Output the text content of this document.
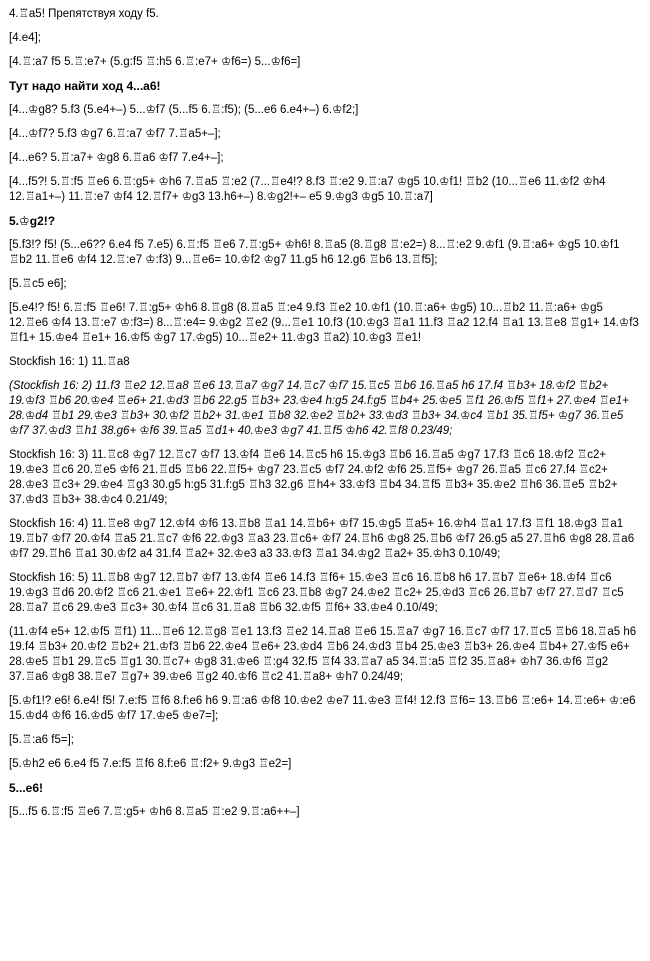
4.♖a5! Препятствуя ходу f5.

[4.e4];

[4.♖:a7 f5 5.♖:e7+ (5.g:f5 ♖:h5 6.♖:e7+ ♔f6=) 5...♔f6=]

Тут надо найти ход 4...a6!

[4...♔g8? 5.f3 (5.e4+–) 5...♔f7 (5...f5 6.♖:f5); (5...e6 6.e4+–) 6.♔f2;]

[4...♔f7? 5.f3 ♔g7 6.♖:a7 ♔f7 7.♖a5+–];

[4...e6? 5.♖:a7+ ♔g8 6.♖a6 ♔f7 7.e4+–];

[4...f5?! 5.♖:f5 ♖e6 6.♖:g5+ ♔h6 7.♖a5 ♖:e2 (7...♖e4!? 8.f3 ♖:e2 9.♖:a7 ♔g5 10.♔f1! ♖b2 (10...♖e6 11.♔f2 ♔h4 12.♖a1+–) 11.♖:e7 ♔f4 12.♖f7+ ♔g3 13.h6+–) 8.♔g2!+– e5 9.♔g3 ♔g5 10.♖:a7]

5.♔g2!?

[5.f3!? f5! (5...e6?? 6.e4 f5 7.e5) 6.♖:f5 ♖e6 7.♖:g5+ ♔h6! 8.♖a5 (8.♖g8 ♖:e2=) 8...♖:e2 9.♔f1 (9.♖:a6+ ♔g5 10.♔f1 ♖b2 11.♖e6 ♔f4 12.♖:e7 ♔:f3) 9...♖e6= 10.♔f2 ♔g7 11.g5 h6 12.g6 ♖b6 13.♖f5];

[5.♖c5 e6];

[5.e4!? f5! 6.♖:f5 ♖e6! 7.♖:g5+ ♔h6 8.♖g8 (8.♖a5 ♖:e4 9.f3 ♖e2 10.♔f1 (10.♖:a6+ ♔g5) 10...♖b2 11.♖:a6+ ♔g5 12.♖e6 ♔f4 13.♖:e7 ♔:f3=) 8...♖:e4= 9.♔g2 ♖e2 (9...♖e1 10.f3 (10.♔g3 ♖a1 11.f3 ♖a2 12.f4 ♖a1 13.♖e8 ♖g1+ 14.♔f3 ♖f1+ 15.♔e4 ♖e1+ 16.♔f5 ♔g7 17.♔g5) 10...♖e2+ 11.♔g3 ♖a2) 10.♔g3 ♖e1!

Stockfish 16: 1) 11.♖a8

(Stockfish 16: 2) 11.f3 ♖e2 12.♖a8 ♖e6 13.♖a7 ♔g7 14.♖c7 ♔f7 15.♖c5 ♖b6 16.♖a5 h6 17.f4 ♖b3+ 18.♔f2 ♖b2+ 19.♔f3 ♖b6 20.♔e4 ♖e6+ 21.♔d3 ♖b6 22.g5 ♖b3+ 23.♔e4 h:g5 24.f:g5 ♖b4+ 25.♔e5 ♖f1 26.♔f5 ♖f1+ 27.♔e4 ♖e1+ 28.♔d4 ♖b1 29.♔e3 ♖b3+ 30.♔f2 ♖b2+ 31.♔e1 ♖b8 32.♔e2 ♖b2+ 33.♔d3 ♖b3+ 34.♔c4 ♖b1 35.♖f5+ ♔g7 36.♖e5 ♔f7 37.♔d3 ♖h1 38.g6+ ♔f6 39.♖a5 ♖d1+ 40.♔e3 ♔g7 41.♖f5 ♔h6 42.♖f8 0.23/49;

Stockfish 16: 3) 11.♖c8 ♔g7 12.♖c7 ♔f7 13.♔f4 ♖e6 14.♖c5 h6 15.♔g3 ♖b6 16.♖a5 ♔g7 17.f3 ♖c6 18.♔f2 ♖c2+ 19.♔e3 ♖c6 20.♖e5 ♔f6 21.♖d5 ♖b6 22.♖f5+ ♔g7 23.♖c5 ♔f7 24.♔f2 ♔f6 25.♖f5+ ♔g7 26.♖a5 ♖c6 27.f4 ♖c2+ 28.♔e3 ♖c3+ 29.♔e4 ♖g3 30.g5 h:g5 31.f:g5 ♖h3 32.g6 ♖h4+ 33.♔f3 ♖b4 34.♖f5 ♖b3+ 35.♔e2 ♖h6 36.♖e5 ♖b2+ 37.♔d3 ♖b3+ 38.♔c4 0.21/49;

Stockfish 16: 4) 11.♖e8 ♔g7 12.♔f4 ♔f6 13.♖b8 ♖a1 14.♖b6+ ♔f7 15.♔g5 ♖a5+ 16.♔h4 ♖a1 17.f3 ♖f1 18.♔g3 ♖a1 19.♖b7 ♔f7 20.♔f4 ♖a5 21.♖c7 ♔f6 22.♔g3 ♖a3 23.♖c6+ ♔f7 24.♖h6 ♔g8 25.♖b6 ♔f7 26.g5 a5 27.♖h6 ♔g8 28.♖a6 ♔f7 29.♖h6 ♖a1 30.♔f2 a4 31.f4 ♖a2+ 32.♔e3 a3 33.♔f3 ♖a1 34.♔g2 ♖a2+ 35.♔h3 0.10/49;

Stockfish 16: 5) 11.♖b8 ♔g7 12.♖b7 ♔f7 13.♔f4 ♖e6 14.f3 ♖f6+ 15.♔e3 ♖c6 16.♖b8 h6 17.♖b7 ♖e6+ 18.♔f4 ♖c6 19.♔g3 ♖d6 20.♔f2 ♖c6 21.♔e1 ♖e6+ 22.♔f1 ♖c6 23.♖b8 ♔g7 24.♔e2 ♖c2+ 25.♔d3 ♖c6 26.♖b7 ♔f7 27.♖d7 ♖c5 28.♖a7 ♖c6 29.♔e3 ♖c3+ 30.♔f4 ♖c6 31.♖a8 ♖b6 32.♔f5 ♖f6+ 33.♔e4 0.10/49;

(11.♔f4 e5+ 12.♔f5 ♖f1) 11...♖e6 12.♖g8 ♖e1 13.f3 ♖e2 14.♖a8 ♖e6 15.♖a7 ♔g7 16.♖c7 ♔f7 17.♖c5 ♖b6 18.♖a5 h6 19.f4 ♖b3+ 20.♔f2 ♖b2+ 21.♔f3 ♖b6 22.♔e4 ♖e6+ 23.♔d4 ♖b6 24.♔d3 ♖b4 25.♔e3 ♖b3+ 26.♔e4 ♖b4+ 27.♔f5 e6+ 28.♔e5 ♖b1 29.♖c5 ♖g1 30.♖c7+ ♔g8 31.♔e6 ♖:g4 32.f5 ♖f4 33.♖a7 a5 34.♖:a5 ♖f2 35.♖a8+ ♔h7 36.♔f6 ♖g2 37.♖a6 ♔g8 38.♖e7 ♖g7+ 39.♔e6 ♖g2 40.♔f6 ♖c2 41.♖a8+ ♔h7 0.24/49;

[5.♔f1!? e6! 6.e4! f5! 7.e:f5 ♖f6 8.f:e6 h6 9.♖:a6 ♔f8 10.♔e2 ♔e7 11.♔e3 ♖f4! 12.f3 ♖f6= 13.♖b6 ♖:e6+ 14.♖:e6+ ♔:e6 15.♔d4 ♔f6 16.♔d5 ♔f7 17.♔e5 ♔e7=];

[5.♖:a6 f5=];

[5.♔h2 e6 6.e4 f5 7.e:f5 ♖f6 8.f:e6 ♖:f2+ 9.♔g3 ♖e2=]

5...e6!

[5...f5 6.♖:f5 ♖e6 7.♖:g5+ ♔h6 8.♖a5 ♖:e2 9.♖:a6++–]
